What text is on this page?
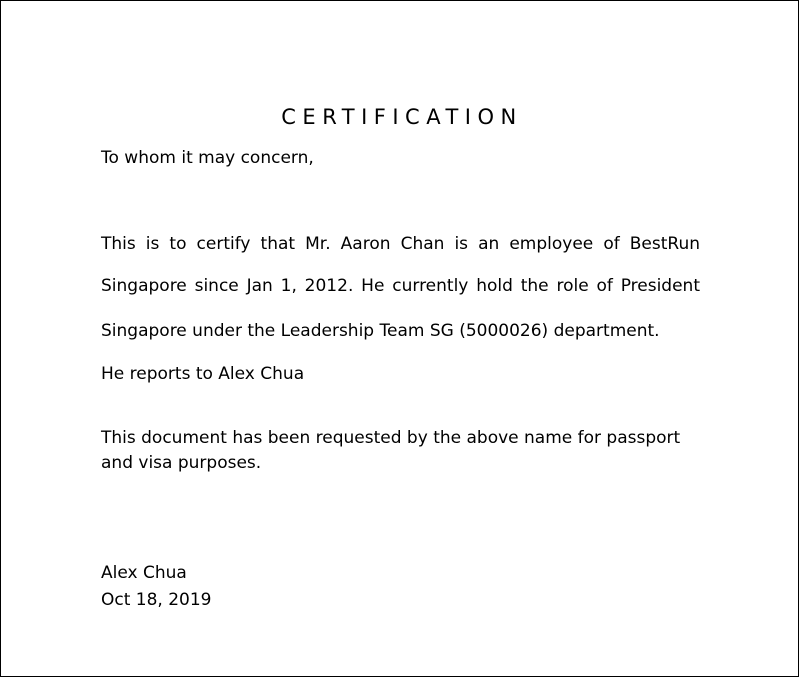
CERTIFICATION
To whom it may concern,
This is to certify that Mr. Aaron Chan is an employee of BestRun
Singapore since Jan 1, 2012. He currently hold the role of President
Singapore under the Leadership Team SG (5000026) department.
He reports to Alex Chua
This document has been requested by the above name for passport
and visa purposes.
Alex Chua
Oct 18, 2019
